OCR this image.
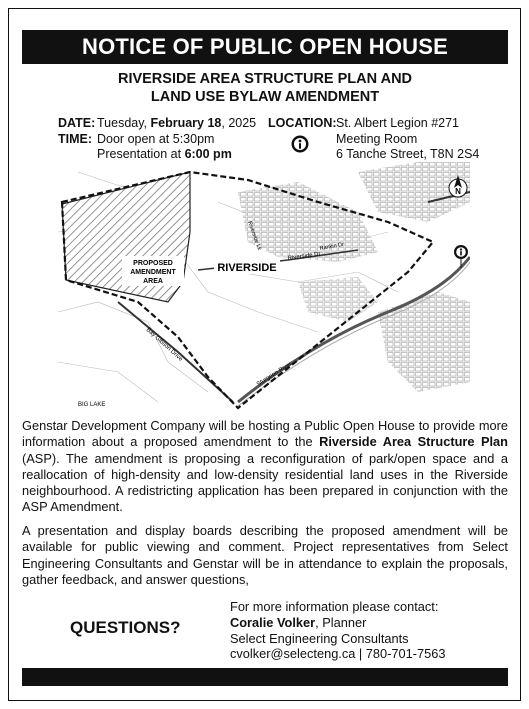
NOTICE OF PUBLIC OPEN HOUSE
RIVERSIDE AREA STRUCTURE PLAN AND
LAND USE BYLAW AMENDMENT
DATE:
TIME:
Tuesday, February 18, 2025
Door open at 5:30pm
Presentation at 6:00 pm
LOCATION: St. Albert Legion #271
Meeting Room
6 Tanche Street, T8N 2S4
PROPOSED
AMENDMENT
AREA
RIVERSIDE
Bay Gibson Drive
Riverside Dr
Sturgeon River
Rankin Dr
Riverside Lk
BIG LAKE
N
Genstar Development Company will be hosting a Public Open House to provide more information about a proposed amendment to the Riverside Area Structure Plan (ASP). The amendment is proposing a reconfiguration of park/open space and a reallocation of high-density and low-density residential land uses in the Riverside neighbourhood. A redistricting application has been prepared in conjunction with the ASP Amendment.
A presentation and display boards describing the proposed amendment will be available for public viewing and comment. Project representatives from Select Engineering Consultants and Genstar will be in attendance to explain the proposals, gather feedback, and answer questions,
QUESTIONS?
For more information please contact:
Coralie Volker, Planner
Select Engineering Consultants
cvolker@selecteng.ca | 780-701-7563
